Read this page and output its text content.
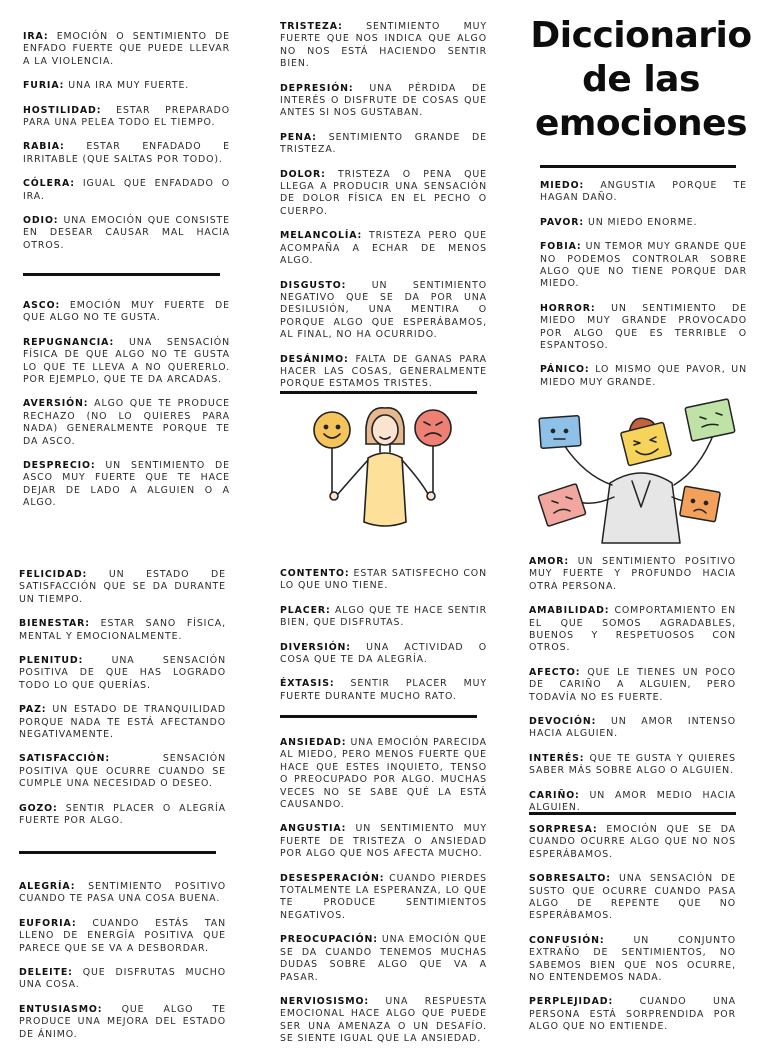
IRA: EMOCIÓN O SENTIMIENTO DE ENFADO FUERTE QUE PUEDE LLEVAR A LA VIOLENCIA.

FURIA: UNA IRA MUY FUERTE.

HOSTILIDAD: ESTAR PREPARADO PARA UNA PELEA TODO EL TIEMPO.

RABIA: ESTAR ENFADADO E IRRITABLE (QUE SALTAS POR TODO).

CÓLERA: IGUAL QUE ENFADADO O IRA.

ODIO: UNA EMOCIÓN QUE CONSISTE EN DESEAR CAUSAR MAL HACIA OTROS.

ASCO: EMOCIÓN MUY FUERTE DE QUE ALGO NO TE GUSTA.

REPUGNANCIA: UNA SENSACIÓN FÍSICA DE QUE ALGO NO TE GUSTA LO QUE TE LLEVA A NO QUERERLO. POR EJEMPLO, QUE TE DA ARCADAS.

AVERSIÓN: ALGO QUE TE PRODUCE RECHAZO (NO LO QUIERES PARA NADA) GENERALMENTE PORQUE TE DA ASCO.

DESPRECIO: UN SENTIMIENTO DE ASCO MUY FUERTE QUE TE HACE DEJAR DE LADO A ALGUIEN O A ALGO.

FELICIDAD: UN ESTADO DE SATISFACCIÓN QUE SE DA DURANTE UN TIEMPO.

BIENESTAR: ESTAR SANO FÍSICA, MENTAL Y EMOCIONALMENTE.

PLENITUD:	UNA SENSACIÓN POSITIVA DE QUE HAS LOGRADO TODO LO QUE QUERÍAS.

PAZ: UN ESTADO DE TRANQUILIDAD PORQUE NADA TE ESTÁ AFECTANDO NEGATIVAMENTE.

SATISFACCIÓN:	SENSACIÓN POSITIVA QUE OCURRE CUANDO SE CUMPLE UNA NECESIDAD O DESEO.

GOZO: SENTIR PLACER O ALEGRÍA FUERTE POR ALGO.

ALEGRÍA: SENTIMIENTO POSITIVO CUANDO TE PASA UNA COSA BUENA.

EUFORIA: CUANDO ESTÁS TAN LLENO DE ENERGÍA POSITIVA QUE PARECE QUE SE VA A DESBORDAR.

DELEITE: QUE DISFRUTAS MUCHO UNA COSA.

ENTUSIASMO: QUE ALGO TE PRODUCE UNA MEJORA DEL ESTADO DE ÁNIMO.

TRISTEZA: SENTIMIENTO MUY FUERTE QUE NOS INDICA QUE ALGO NO NOS ESTÁ HACIENDO SENTIR BIEN.

DEPRESIÓN: UNA PÉRDIDA DE INTERÉS O DISFRUTE DE COSAS QUE ANTES SI NOS GUSTABAN.

PENA: SENTIMIENTO GRANDE DE TRISTEZA.

DOLOR: TRISTEZA O PENA QUE LLEGA A PRODUCIR UNA SENSACIÓN DE DOLOR FÍSICA EN EL PECHO O CUERPO.

MELANCOLÍA: TRISTEZA PERO QUE ACOMPAÑA A ECHAR DE MENOS ALGO.

DISGUSTO:	UN SENTIMIENTO NEGATIVO QUE SE DA POR UNA DESILUSIÓN, UNA MENTIRA O PORQUE ALGO QUE ESPERÁBAMOS, AL FINAL, NO HA OCURRIDO.

DESÁNIMO: FALTA DE GANAS PARA HACER LAS COSAS, GENERALMENTE PORQUE ESTAMOS TRISTES.

CONTENTO: ESTAR SATISFECHO CON LO QUE UNO TIENE.

PLACER: ALGO QUE TE HACE SENTIR BIEN, QUE DISFRUTAS.

DIVERSIÓN: UNA ACTIVIDAD O COSA QUE TE DA ALEGRÍA.

ÉXTASIS: SENTIR PLACER MUY FUERTE DURANTE MUCHO RATO.

ANSIEDAD: UNA EMOCIÓN PARECIDA AL MIEDO, PERO MENOS FUERTE QUE HACE QUE ESTES INQUIETO, TENSO O PREOCUPADO POR ALGO. MUCHAS VECES NO SE SABE QUÉ LA ESTÁ CAUSANDO.

ANGUSTIA: UN SENTIMIENTO MUY FUERTE DE TRISTEZA O ANSIEDAD POR ALGO QUE NOS AFECTA MUCHO.

DESESPERACIÓN: CUANDO PIERDES TOTALMENTE LA ESPERANZA, LO QUE TE PRODUCE SENTIMIENTOS NEGATIVOS.

PREOCUPACIÓN: UNA EMOCIÓN QUE SE DA CUANDO TENEMOS MUCHAS DUDAS SOBRE ALGO QUE VA A PASAR.

NERVIOSISMO: UNA RESPUESTA EMOCIONAL HACE ALGO QUE PUEDE SER UNA AMENAZA O UN DESAFÍO. SE SIENTE IGUAL QUE LA ANSIEDAD.

Diccionario
de las
emociones

MIEDO: ANGUSTIA PORQUE TE HAGAN DAÑO.

PAVOR: UN MIEDO ENORME.

FOBIA: UN TEMOR MUY GRANDE QUE NO PODEMOS CONTROLAR SOBRE ALGO QUE NO TIENE PORQUE DAR MIEDO.

HORROR: UN SENTIMIENTO DE MIEDO MUY GRANDE PROVOCADO POR ALGO QUE ES TERRIBLE O ESPANTOSO.

PÁNICO: LO MISMO QUE PAVOR, UN MIEDO MUY GRANDE.

AMOR: UN SENTIMIENTO POSITIVO MUY FUERTE Y PROFUNDO HACIA OTRA PERSONA.

AMABILIDAD: COMPORTAMIENTO EN EL QUE SOMOS AGRADABLES, BUENOS Y RESPETUOSOS CON OTROS.

AFECTO: QUE LE TIENES UN POCO DE CARIÑO A ALGUIEN, PERO TODAVÍA NO ES FUERTE.

DEVOCIÓN: UN AMOR INTENSO HACIA ALGUIEN.

INTERÉS: QUE TE GUSTA Y QUIERES SABER MÁS SOBRE ALGO O ALGUIEN.

CARIÑO: UN AMOR MEDIO HACIA ALGUIEN.

SORPRESA: EMOCIÓN QUE SE DA CUANDO OCURRE ALGO QUE NO NOS ESPERÁBAMOS.

SOBRESALTO: UNA SENSACIÓN DE SUSTO QUE OCURRE CUANDO PASA ALGO DE REPENTE QUE NO ESPERÁBAMOS.

CONFUSIÓN:	UN CONJUNTO EXTRAÑO DE SENTIMIENTOS, NO SABEMOS BIEN QUE NOS OCURRE, NO ENTENDEMOS NADA.

PERPLEJIDAD:	CUANDO UNA PERSONA ESTÁ SORPRENDIDA POR ALGO QUE NO ENTIENDE.
